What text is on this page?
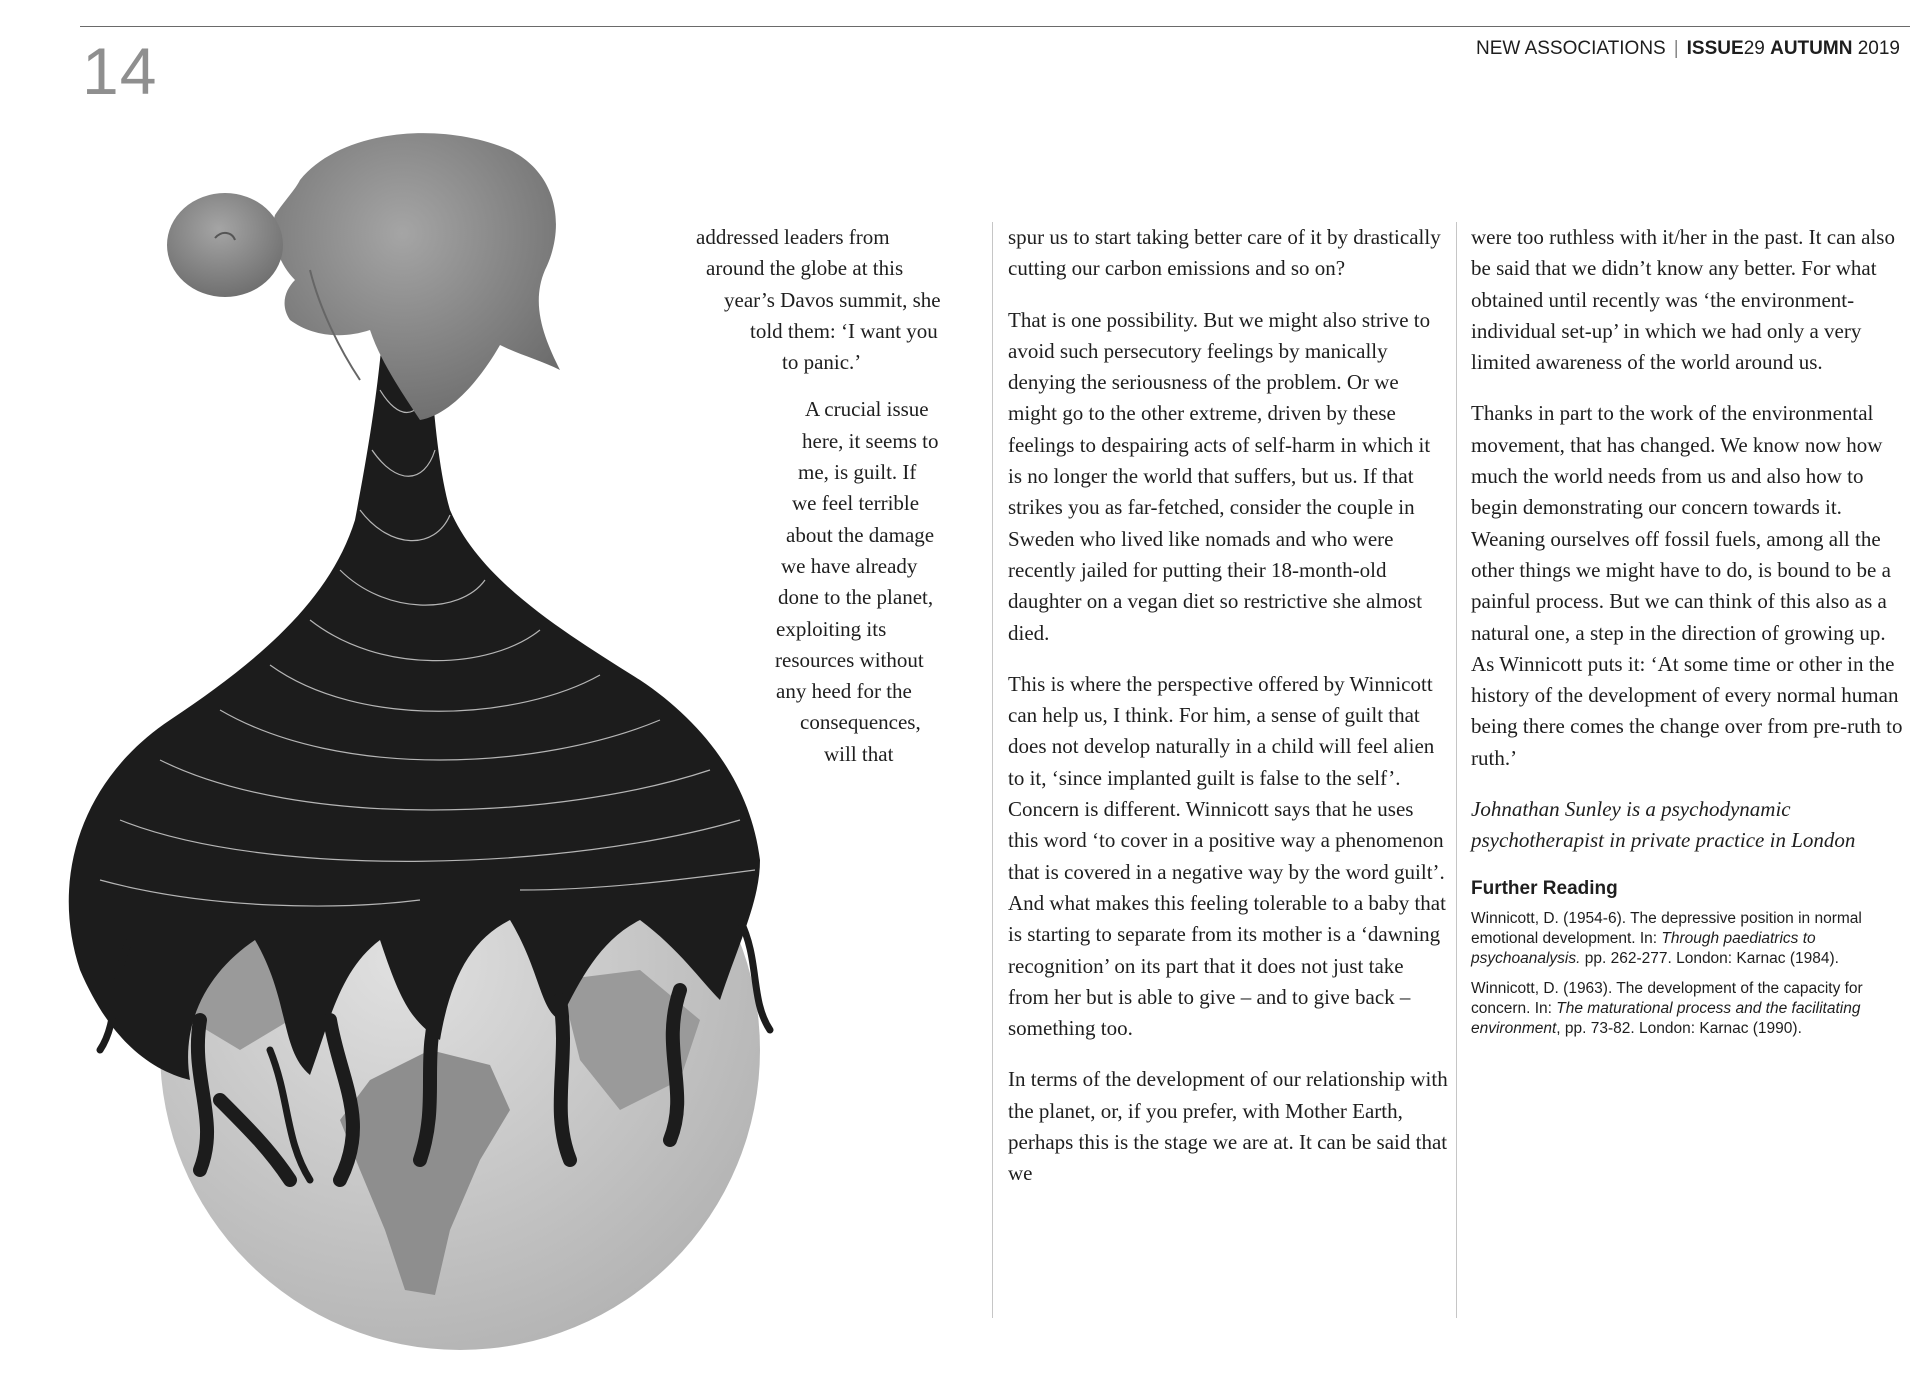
14	NEW ASSOCIATIONS | ISSUE29 AUTUMN 2019
addressed leaders from
around the globe at this
year’s Davos summit, she
told them: ‘I want you
to panic.’
A crucial issue
here, it seems to
me, is guilt. If
we feel terrible
about the damage
we have already
done to the planet,
exploiting its
resources without
any heed for the
consequences,
will that

spur us to start taking better care of it by drastically cutting our carbon emissions and so on?

That is one possibility. But we might also strive to avoid such persecutory feelings by manically denying the seriousness of the problem. Or we might go to the other extreme, driven by these feelings to despairing acts of self-harm in which it is no longer the world that suffers, but us. If that strikes you as far-fetched, consider the couple in Sweden who lived like nomads and who were recently jailed for putting their 18-month-old daughter on a vegan diet so restrictive she almost died.

This is where the perspective offered by Winnicott can help us, I think. For him, a sense of guilt that does not develop naturally in a child will feel alien to it, ‘since implanted guilt is false to the self’. Concern is different. Winnicott says that he uses this word ‘to cover in a positive way a phenomenon that is covered in a negative way by the word guilt’. And what makes this feeling tolerable to a baby that is starting to separate from its mother is a ‘dawning recognition’ on its part that it does not just take from her but is able to give – and to give back – something too.

In terms of the development of our relationship with the planet, or, if you prefer, with Mother Earth, perhaps this is the stage we are at. It can be said that we

were too ruthless with it/her in the past. It can also be said that we didn’t know any better. For what obtained until recently was ‘the environment-individual set-up’ in which we had only a very limited awareness of the world around us.

Thanks in part to the work of the environmental movement, that has changed. We know now how much the world needs from us and also how to begin demonstrating our concern towards it. Weaning ourselves off fossil fuels, among all the other things we might have to do, is bound to be a painful process. But we can think of this also as a natural one, a step in the direction of growing up. As Winnicott puts it: ‘At some time or other in the history of the development of every normal human being there comes the change over from pre-ruth to ruth.’

Johnathan Sunley is a psychodynamic psychotherapist in private practice in London

Further Reading
Winnicott, D. (1954-6). The depressive position in normal emotional development. In: Through paediatrics to psychoanalysis. pp. 262-277. London: Karnac (1984).
Winnicott, D. (1963). The development of the capacity for concern. In: The maturational process and the facilitating environment, pp. 73-82. London: Karnac (1990).
